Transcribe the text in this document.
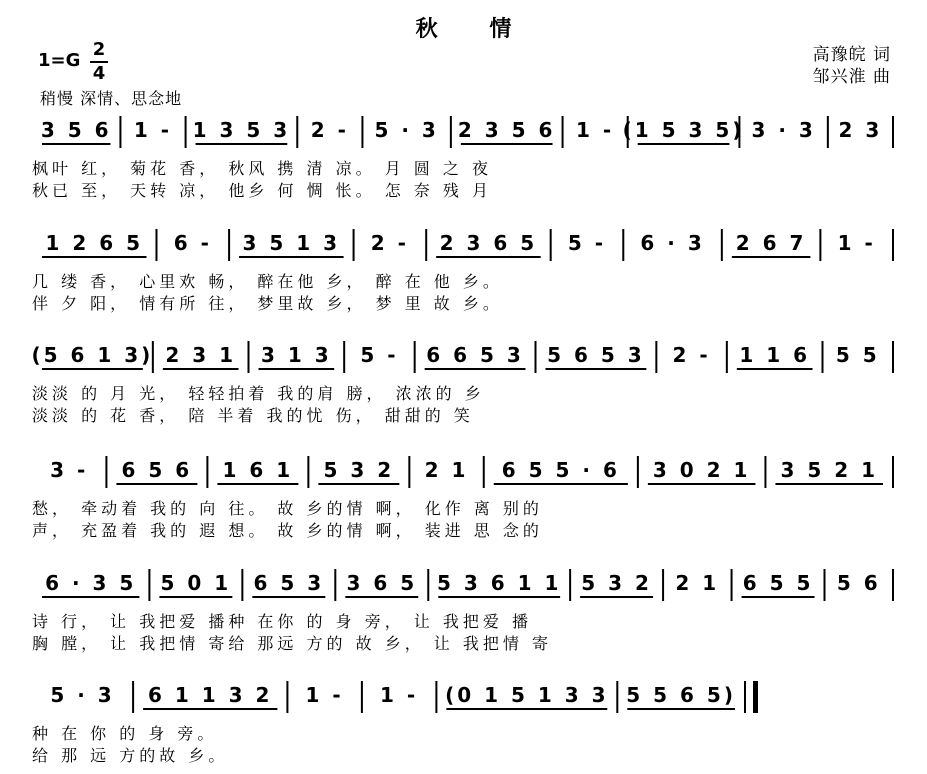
秋 情
高豫皖 词
邹兴淮 曲
1=G
2
4
稍慢 深情、思念地
3 5 6 1 - 1 3 5 3 2 - 5 · 3 2 3 5 6 1 - (1 5 3 5) 3 · 3 2 3
枫叶 红， 菊花 香， 秋风 携 清 凉。 月 圆 之 夜
秋已 至， 天转 凉， 他乡 何 惆 怅。 怎 奈 残 月
1 2 6 5 6 - 3 5 1 3 2 - 2 3 6 5 5 - 6 · 3 2 6 7 1 -
几 缕 香， 心里欢 畅， 醉在他 乡， 醉 在 他 乡。
伴 夕 阳， 情有所 往， 梦里故 乡， 梦 里 故 乡。
(5 6 1 3) 2 3 1 3 1 3 5 - 6 6 5 3 5 6 5 3 2 - 1 1 6 5 5
淡淡 的 月 光， 轻轻拍着 我的肩 膀， 浓浓的 乡
淡淡 的 花 香， 陪 半着 我的忧 伤， 甜甜的 笑
3 - 6 5 6 1 6 1 5 3 2 2 1 6 5 5 · 6 3 0 2 1 3 5 2 1
愁， 牵动着 我的 向 往。 故 乡的情 啊， 化作 离 别的
声， 充盈着 我的 遐 想。 故 乡的情 啊， 装进 思 念的
6 · 3 5 5 0 1 6 5 3 3 6 5 5 3 6 1 1 5 3 2 2 1 6 5 5 5 6
诗 行， 让 我把爱 播种 在你 的 身 旁， 让 我把爱 播
胸 膛， 让 我把情 寄给 那远 方的 故 乡， 让 我把情 寄
5 · 3 6 1 1 3 2 1 - 1 - (0 1 5 1 3 3 5 5 6 5)
种 在 你 的 身 旁。
给 那 远 方的故 乡。
